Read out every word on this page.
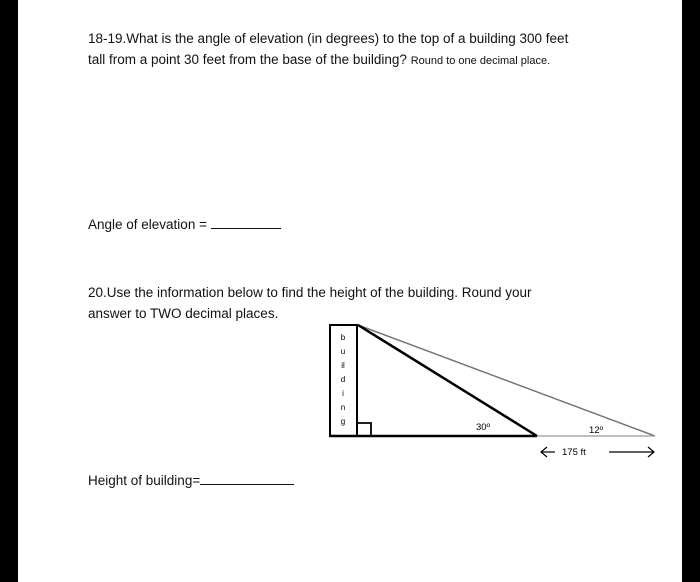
18-19.What is the angle of elevation (in degrees) to the top of a building 300 feet
tall from a point 30 feet from the base of the building? Round to one decimal place.
Angle of elevation =
20.Use the information below to find the height of the building. Round your
answer to TWO decimal places.
b
u
il
d
i
n
g
30º	12º
175 ft
Height of building=
